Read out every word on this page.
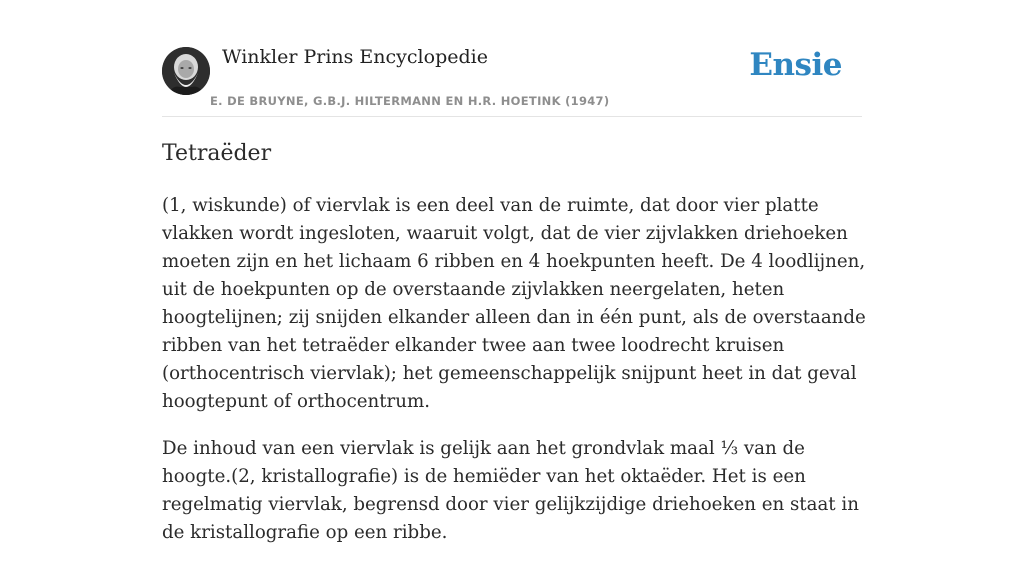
Winkler Prins Encyclopedie
E. DE BRUYNE, G.B.J. HILTERMANN EN H.R. HOETINK (1947)
Ensie
Tetraëder

(1, wiskunde) of viervlak is een deel van de ruimte, dat door vier platte vlakken wordt ingesloten, waaruit volgt, dat de vier zijvlakken driehoeken moeten zijn en het lichaam 6 ribben en 4 hoekpunten heeft. De 4 loodlijnen, uit de hoekpunten op de overstaande zijvlakken neergelaten, heten hoogtelijnen; zij snijden elkander alleen dan in één punt, als de overstaande ribben van het tetraëder elkander twee aan twee loodrecht kruisen (orthocentrisch viervlak); het gemeenschappelijk snijpunt heet in dat geval hoogtepunt of orthocentrum.

De inhoud van een viervlak is gelijk aan het grondvlak maal ⅓ van de hoogte.(2, kristallografie) is de hemiëder van het oktaëder. Het is een regelmatig viervlak, begrensd door vier gelijkzijdige driehoeken en staat in de kristallografie op een ribbe.
